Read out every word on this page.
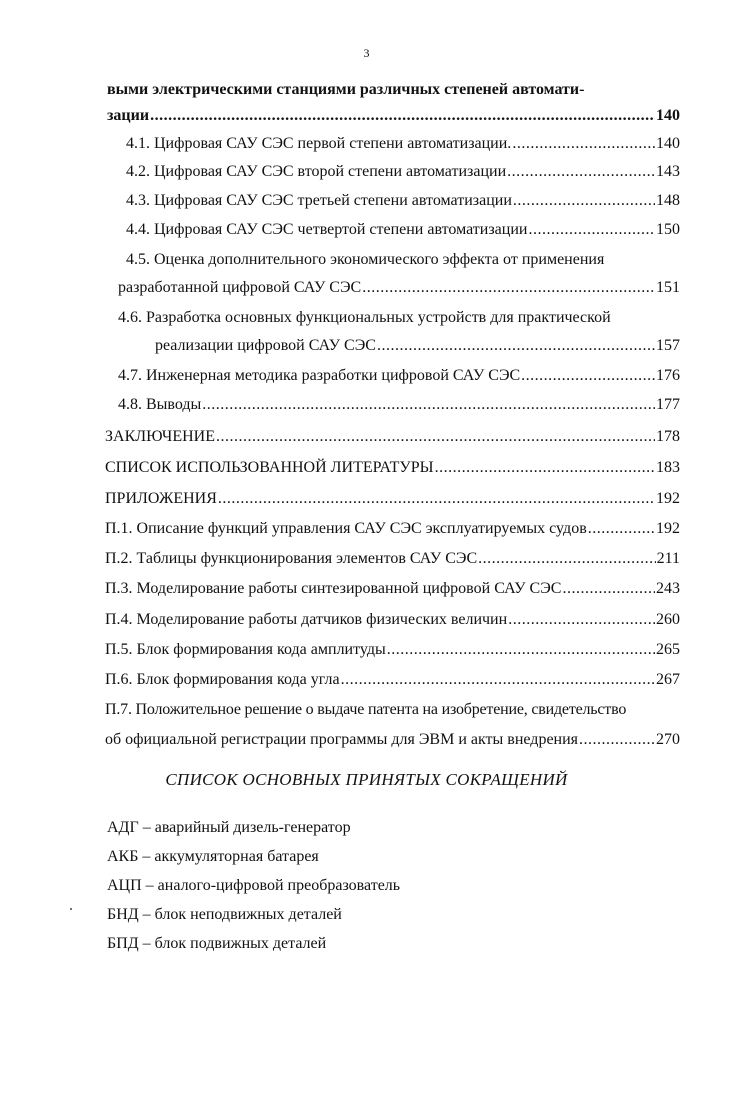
3
выми электрическими станциями различных степеней автомати-
зации .....	140
4.1. Цифровая САУ СЭС первой степени автоматизации. .....	140
4.2. Цифровая САУ СЭС второй степени автоматизации .....	143
4.3. Цифровая САУ СЭС третьей степени автоматизации .....	148
4.4. Цифровая САУ СЭС четвертой степени автоматизации .....	150
4.5. Оценка дополнительного экономического эффекта от применения
разработанной цифровой САУ СЭС .....	151
4.6. Разработка основных функциональных устройств для практической
реализации цифровой САУ СЭС .....	157
4.7. Инженерная методика разработки цифровой САУ СЭС .....	176
4.8. Выводы .....	177
ЗАКЛЮЧЕНИЕ .....	178
СПИСОК ИСПОЛЬЗОВАННОЙ ЛИТЕРАТУРЫ .....	183
ПРИЛОЖЕНИЯ .....	192
П.1. Описание функций управления САУ СЭС эксплуатируемых судов .....	192
П.2. Таблицы функционирования элементов САУ СЭС .....	211
П.3. Моделирование работы синтезированной цифровой САУ СЭС .....	243
П.4. Моделирование работы датчиков физических величин .....	260
П.5. Блок формирования кода амплитуды .....	265
П.6. Блок формирования кода угла .....	267
П.7. Положительное решение о выдаче патента на изобретение, свидетельство
об официальной регистрации программы для ЭВМ и акты внедрения .....	270
СПИСОК ОСНОВНЫХ ПРИНЯТЫХ СОКРАЩЕНИЙ
АДГ – аварийный дизель-генератор
АКБ – аккумуляторная батарея
АЦП – аналого-цифровой преобразователь
БНД – блок неподвижных деталей
БПД – блок подвижных деталей
